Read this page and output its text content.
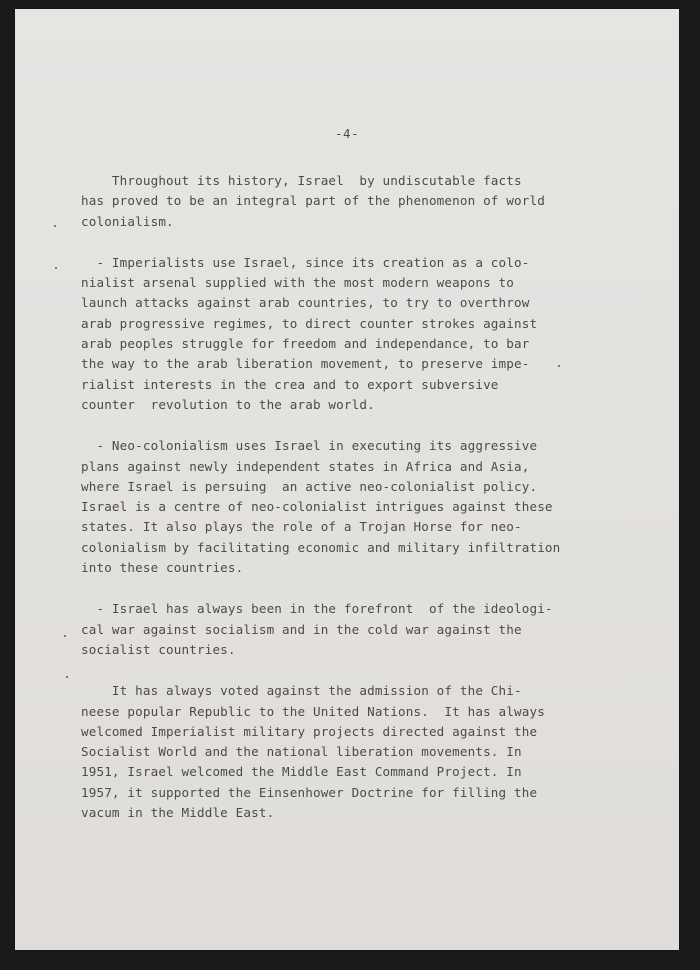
-4-
Throughout its history, Israel  by undiscutable facts
has proved to be an integral part of the phenomenon of world
colonialism.
- Imperialists use Israel, since its creation as a colo-
nialist arsenal supplied with the most modern weapons to
launch attacks against arab countries, to try to overthrow
arab progressive regimes, to direct counter strokes against
arab peoples struggle for freedom and independance, to bar
the way to the arab liberation movement, to preserve impe-
rialist interests in the crea and to export subversive
counter  revolution to the arab world.
- Neo-colonialism uses Israel in executing its aggressive
plans against newly independent states in Africa and Asia,
where Israel is persuing  an active neo-colonialist policy.
Israel is a centre of neo-colonialist intrigues against these
states. It also plays the role of a Trojan Horse for neo-
colonialism by facilitating economic and military infiltration
into these countries.
- Israel has always been in the forefront  of the ideologi-
cal war against socialism and in the cold war against the
socialist countries.
It has always voted against the admission of the Chi-
neese popular Republic to the United Nations.  It has always
welcomed Imperialist military projects directed against the
Socialist World and the national liberation movements. In
1951, Israel welcomed the Middle East Command Project. In
1957, it supported the Einsenhower Doctrine for filling the
vacum in the Middle East.
